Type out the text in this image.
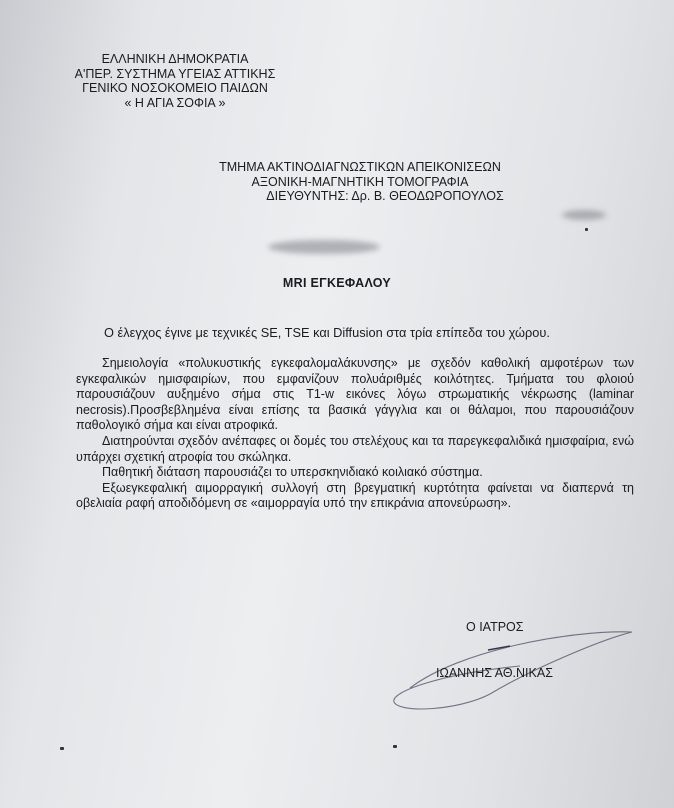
ΕΛΛΗΝΙΚΗ ΔΗΜΟΚΡΑΤΙΑ
Α'ΠΕΡ. ΣΥΣΤΗΜΑ ΥΓΕΙΑΣ ΑΤΤΙΚΗΣ
ΓΕΝΙΚΟ ΝΟΣΟΚΟΜΕΙΟ ΠΑΙΔΩΝ
« Η ΑΓΙΑ ΣΟΦΙΑ »
ΤΜΗΜΑ ΑΚΤΙΝΟΔΙΑΓΝΩΣΤΙΚΩΝ ΑΠΕΙΚΟΝΙΣΕΩΝ
ΑΞΟΝΙΚΗ-ΜΑΓΝΗΤΙΚΗ ΤΟΜΟΓΡΑΦΙΑ
ΔΙΕΥΘΥΝΤΗΣ: Δρ. Β. ΘΕΟΔΩΡΟΠΟΥΛΟΣ
MRI ΕΓΚΕΦΑΛΟΥ
Ο έλεγχος έγινε με τεχνικές SE, TSE και Diffusion στα τρία επίπεδα του χώρου.

Σημειολογία «πολυκυστικής εγκεφαλομαλάκυνσης» με σχεδόν καθολική αμφοτέρων των εγκεφαλικών ημισφαιρίων, που εμφανίζουν πολυάριθμές κοιλότητες. Τμήματα του φλοιού παρουσιάζουν αυξημένο σήμα στις T1-w εικόνες λόγω στρωματικής νέκρωσης (laminar necrosis).Προσβεβλημένα είναι επίσης τα βασικά γάγγλια και οι θάλαμοι, που παρουσιάζουν παθολογικό σήμα και είναι ατροφικά.

Διατηρούνται σχεδόν ανέπαφες οι δομές του στελέχους και τα παρεγκεφαλιδικά ημισφαίρια, ενώ υπάρχει σχετική ατροφία του σκώληκα.

Παθητική διάταση παρουσιάζει το υπερσκηνιδιακό κοιλιακό σύστημα.

Εξωεγκεφαλική αιμορραγική συλλογή στη βρεγματική κυρτότητα φαίνεται να διαπερνά τη οβελιαία ραφή αποδιδόμενη σε «αιμορραγία υπό την επικράνια απονεύρωση».

Ο ΙΑΤΡΟΣ
ΙΩΑΝΝΗΣ ΑΘ.ΝΙΚΑΣ
